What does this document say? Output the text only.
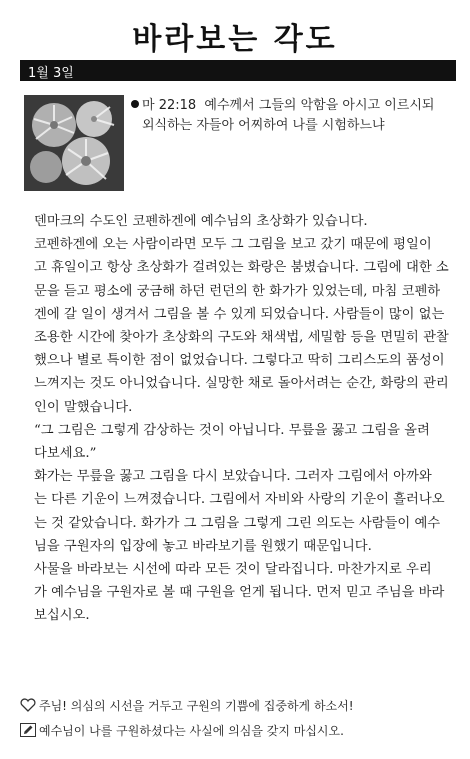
바라보는 각도
1월 3일
마 22:18 예수께서 그들의 악함을 아시고 이르시되
외식하는 자들아 어찌하여 나를 시험하느냐

덴마크의 수도인 코펜하겐에 예수님의 초상화가 있습니다.

코펜하겐에 오는 사람이라면 모두 그 그림을 보고 갔기 때문에 평일이

고 휴일이고 항상 초상화가 걸려있는 화랑은 붐볐습니다. 그림에 대한 소

문을 듣고 평소에 궁금해 하던 런던의 한 화가가 있었는데, 마침 코펜하

겐에 갈 일이 생겨서 그림을 볼 수 있게 되었습니다. 사람들이 많이 없는

조용한 시간에 찾아가 초상화의 구도와 채색법, 세밀함 등을 면밀히 관찰

했으나 별로 특이한 점이 없었습니다. 그렇다고 딱히 그리스도의 품성이

느껴지는 것도 아니었습니다. 실망한 채로 돌아서려는 순간, 화랑의 관리

인이 말했습니다.

“그 그림은 그렇게 감상하는 것이 아닙니다. 무릎을 꿇고 그림을 올려

다보세요.”

화가는 무릎을 꿇고 그림을 다시 보았습니다. 그러자 그림에서 아까와

는 다른 기운이 느껴졌습니다. 그림에서 자비와 사랑의 기운이 흘러나오

는 것 같았습니다. 화가가 그 그림을 그렇게 그린 의도는 사람들이 예수

님을 구원자의 입장에 놓고 바라보기를 원했기 때문입니다.

사물을 바라보는 시선에 따라 모든 것이 달라집니다. 마찬가지로 우리

가 예수님을 구원자로 볼 때 구원을 얻게 됩니다. 먼저 믿고 주님을 바라

보십시오.

주님! 의심의 시선을 거두고 구원의 기쁨에 집중하게 하소서!
예수님이 나를 구원하셨다는 사실에 의심을 갖지 마십시오.
